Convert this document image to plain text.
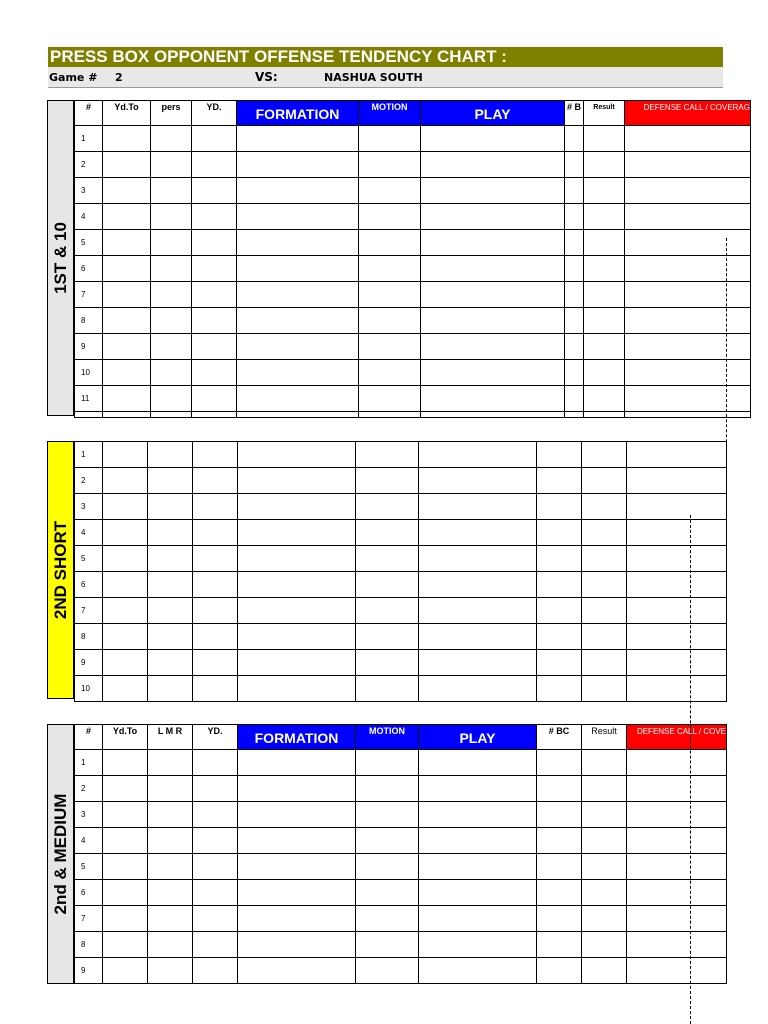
PRESS BOX OPPONENT OFFENSE TENDENCY CHART :
Game # 2	VS:	NASHUA SOUTH
1ST & 10
#	Yd.To	pers	YD.	FORMATION	MOTION	PLAY	# B	Result	DEFENSE CALL / COVERAG
1									
2									
3									
4									
5									
6									
7									
8									
9									
10									
11									

2ND SHORT
1									
2									
3									
4									
5									
6									
7									
8									
9									
10									
2nd & MEDIUM
#	Yd.To	L M R	YD.	FORMATION	MOTION	PLAY	# BC	Result	DEFENSE CALL / COVE
1									
2									
3									
4									
5									
6									
7									
8									
9									
